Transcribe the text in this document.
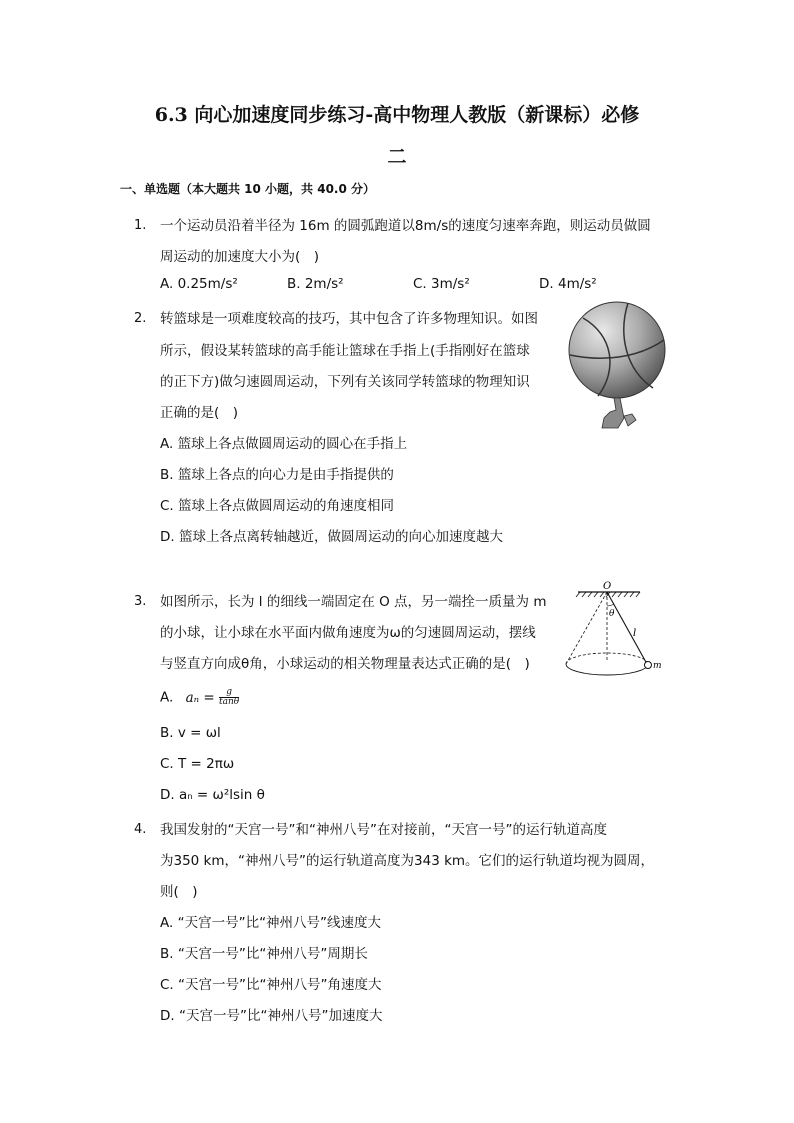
6.3 向心加速度同步练习-高中物理人教版（新课标）必修
二
一、单选题（本大题共 10 小题，共 40.0 分）
1. 一个运动员沿着半径为 16m 的圆弧跑道以8m/s的速度匀速率奔跑，则运动员做圆
周运动的加速度大小为(　)
A. 0.25m/s²	B. 2m/s²	C. 3m/s²	D. 4m/s²
2. 转篮球是一项难度较高的技巧，其中包含了许多物理知识。如图
所示，假设某转篮球的高手能让篮球在手指上(手指刚好在篮球
的正下方)做匀速圆周运动，下列有关该同学转篮球的物理知识
正确的是(　)
A. 篮球上各点做圆周运动的圆心在手指上
B. 篮球上各点的向心力是由手指提供的
C. 篮球上各点做圆周运动的角速度相同
D. 篮球上各点离转轴越近，做圆周运动的向心加速度越大
3. 如图所示，长为 l 的细线一端固定在 O 点，另一端拴一质量为 m
的小球，让小球在水平面内做角速度为ω的匀速圆周运动，摆线
与竖直方向成θ角，小球运动的相关物理量表达式正确的是(　)
A. $a_n = \frac{g}{\tan\theta}$
B. v = ωl
C. T = 2πω
D. aₙ = ω²lsin θ
O
θ
l
m
4. 我国发射的“天宫一号”和“神州八号”在对接前，“天宫一号”的运行轨道高度
为350 km，“神州八号”的运行轨道高度为343 km。它们的运行轨道均视为圆周，
则(　)
A. “天宫一号”比“神州八号”线速度大
B. “天宫一号”比“神州八号”周期长
C. “天宫一号”比“神州八号”角速度大
D. “天宫一号”比“神州八号”加速度大
